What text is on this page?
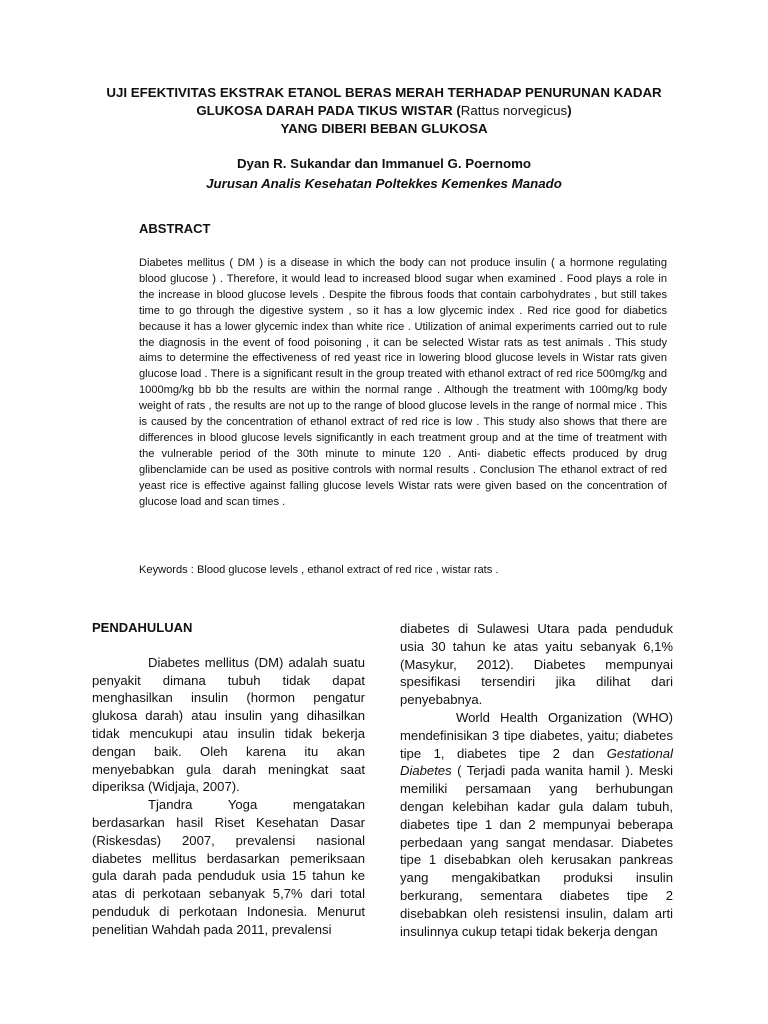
UJI EFEKTIVITAS EKSTRAK ETANOL BERAS MERAH TERHADAP PENURUNAN KADAR
GLUKOSA DARAH PADA TIKUS WISTAR (Rattus norvegicus)
YANG DIBERI BEBAN GLUKOSA
Dyan R. Sukandar dan Immanuel G. Poernomo
Jurusan Analis Kesehatan Poltekkes Kemenkes Manado
ABSTRACT
Diabetes mellitus ( DM ) is a disease in which the body can not produce insulin ( a hormone regulating blood glucose ) . Therefore, it would lead to increased blood sugar when examined . Food plays a role in the increase in blood glucose levels . Despite the fibrous foods that contain carbohydrates , but still takes time to go through the digestive system , so it has a low glycemic index . Red rice good for diabetics because it has a lower glycemic index than white rice . Utilization of animal experiments carried out to rule the diagnosis in the event of food poisoning , it can be selected Wistar rats as test animals . This study aims to determine the effectiveness of red yeast rice in lowering blood glucose levels in Wistar rats given glucose load . There is a significant result in the group treated with ethanol extract of red rice 500mg/kg and 1000mg/kg bb bb the results are within the normal range . Although the treatment with 100mg/kg body weight of rats , the results are not up to the range of blood glucose levels in the range of normal mice . This is caused by the concentration of ethanol extract of red rice is low . This study also shows that there are differences in blood glucose levels significantly in each treatment group and at the time of treatment with the vulnerable period of the 30th minute to minute 120 . Anti- diabetic effects produced by drug glibenclamide can be used as positive controls with normal results . Conclusion The ethanol extract of red yeast rice is effective against falling glucose levels Wistar rats were given based on the concentration of glucose load and scan times .
Keywords : Blood glucose levels , ethanol extract of red rice , wistar rats .

PENDAHULUAN

Diabetes mellitus (DM) adalah suatu penyakit dimana tubuh tidak dapat menghasilkan insulin (hormon pengatur glukosa darah) atau insulin yang dihasilkan tidak mencukupi atau insulin tidak bekerja dengan baik. Oleh karena itu akan menyebabkan gula darah meningkat saat diperiksa (Widjaja, 2007).

Tjandra Yoga mengatakan berdasarkan hasil Riset Kesehatan Dasar (Riskesdas) 2007, prevalensi nasional diabetes mellitus berdasarkan pemeriksaan gula darah pada penduduk usia 15 tahun ke atas di perkotaan sebanyak 5,7% dari total penduduk di perkotaan Indonesia. Menurut penelitian Wahdah pada 2011, prevalensi

diabetes di Sulawesi Utara pada penduduk usia 30 tahun ke atas yaitu sebanyak 6,1% (Masykur, 2012). Diabetes mempunyai spesifikasi tersendiri jika dilihat dari penyebabnya.

World Health Organization (WHO) mendefinisikan 3 tipe diabetes, yaitu; diabetes tipe 1, diabetes tipe 2 dan Gestational Diabetes ( Terjadi pada wanita hamil ). Meski memiliki persamaan yang berhubungan dengan kelebihan kadar gula dalam tubuh, diabetes tipe 1 dan 2 mempunyai beberapa perbedaan yang sangat mendasar. Diabetes tipe 1 disebabkan oleh kerusakan pankreas yang mengakibatkan produksi insulin berkurang, sementara diabetes tipe 2 disebabkan oleh resistensi insulin, dalam arti insulinnya cukup tetapi tidak bekerja dengan
